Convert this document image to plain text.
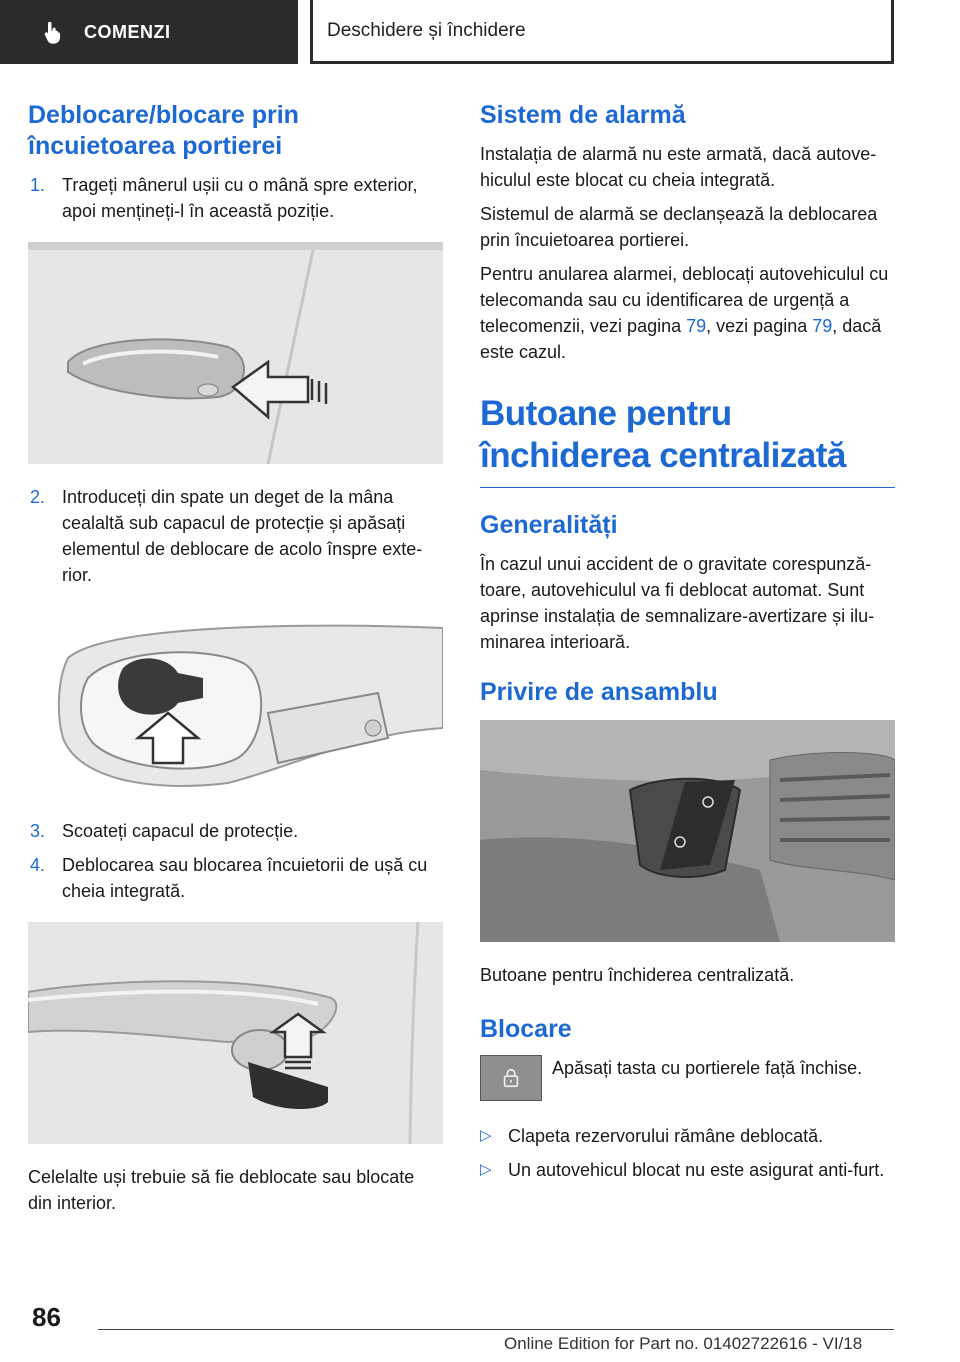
COMENZI	Deschidere și închidere
Deblocare/blocare prin încuietoarea portierei
1. Trageți mânerul ușii cu o mână spre exterior, apoi mențineți-l în această poziție.
2. Introduceți din spate un deget de la mâna cealaltă sub capacul de protecție și apăsați elementul de deblocare de acolo înspre exte-rior.
3. Scoateți capacul de protecție.
4. Deblocarea sau blocarea încuietorii de ușă cu cheia integrată.

Celelalte uși trebuie să fie deblocate sau blocate din interior.

Sistem de alarmă

Instalația de alarmă nu este armată, dacă autove-hiculul este blocat cu cheia integrată.

Sistemul de alarmă se declanșează la deblocarea prin încuietoarea portierei.

Pentru anularea alarmei, deblocați autovehiculul cu telecomanda sau cu identificarea de urgență a telecomenzii, vezi pagina 79, vezi pagina 79, dacă este cazul.

Butoane pentru închiderea centralizată
Generalități

În cazul unui accident de o gravitate corespunză-toare, autovehiculul va fi deblocat automat. Sunt aprinse instalația de semnalizare-avertizare și ilu-minarea interioară.

Privire de ansamblu

Butoane pentru închiderea centralizată.

Blocare
Apăsați tasta cu portierele față închise.
▷ Clapeta rezervorului rămâne deblocată.
▷ Un autovehicul blocat nu este asigurat anti-furt.
86
Online Edition for Part no. 01402722616 - VI/18
